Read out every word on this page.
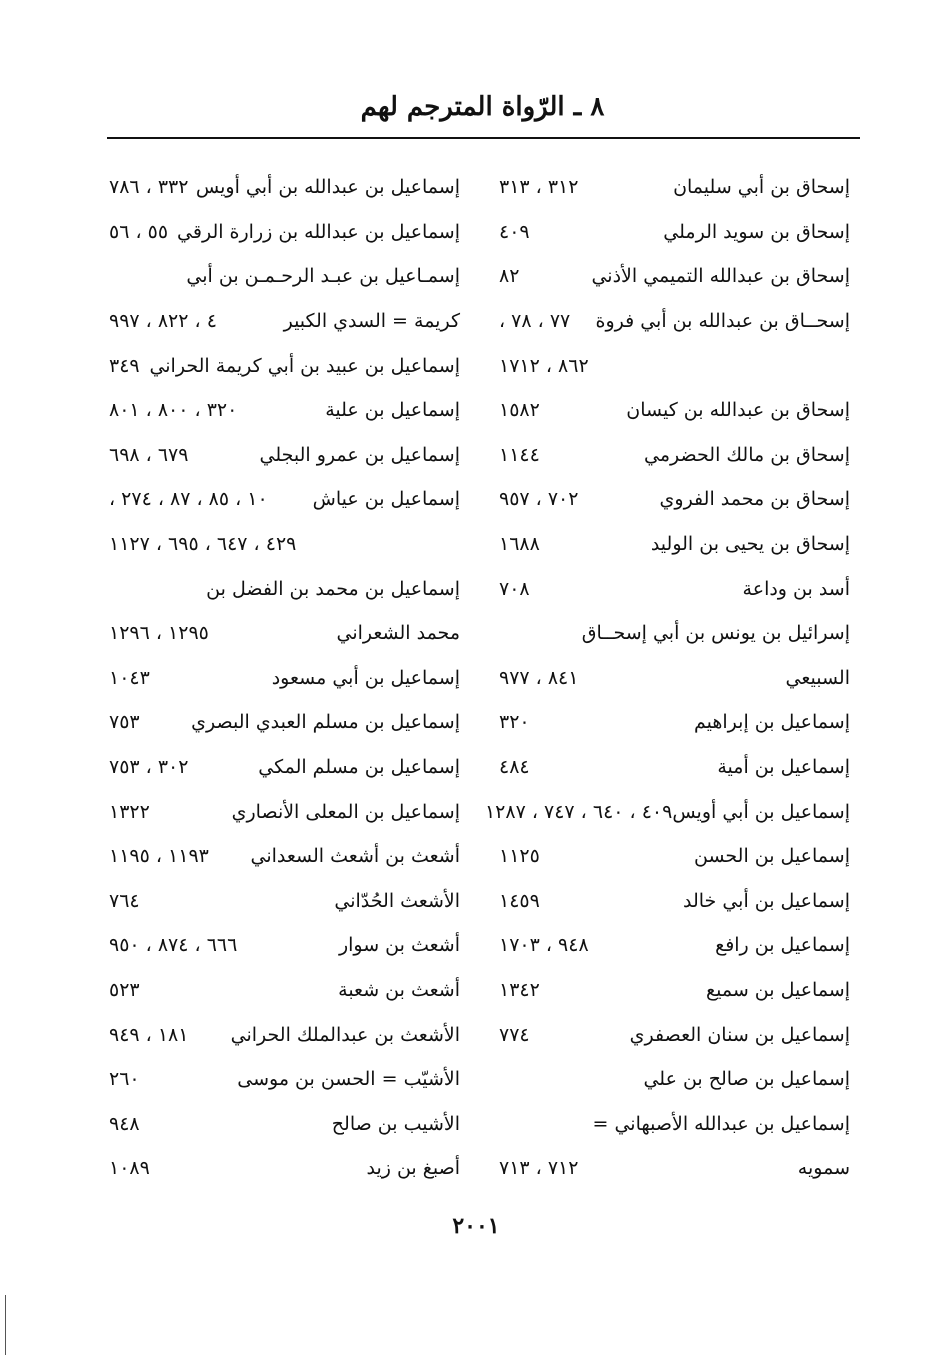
٨ ـ الرّواة المترجم لهم
إسحاق بن أبي سليمان
٣١٢ ، ٣١٣
إسحاق بن سويد الرملي
٤٠٩
إسحاق بن عبدالله التميمي الأذني
٨٢
إسحــاق بن عبدالله بن أبي فروة
٧٧ ، ٧٨ ،
٨٦٢ ، ١٧١٢
إسحاق بن عبدالله بن كيسان
١٥٨٢
إسحاق بن مالك الحضرمي
١١٤٤
إسحاق بن محمد الفروي
٧٠٢ ، ٩٥٧
إسحاق بن يحيى بن الوليد
١٦٨٨
أسد بن وداعة
٧٠٨
إسرائيل بن يونس بن أبي إسحــاق
السبيعي
٨٤١ ، ٩٧٧
إسماعيل بن إبراهيم
٣٢٠
إسماعيل بن أمية
٤٨٤
إسماعيل بن أبي أويس
٤٠٩ ، ٦٤٠ ، ٧٤٧ ، ١٢٨٧
إسماعيل بن الحسن
١١٢٥
إسماعيل بن أبي خالد
١٤٥٩
إسماعيل بن رافع
٩٤٨ ، ١٧٠٣
إسماعيل بن سميع
١٣٤٢
إسماعيل بن سنان العصفري
٧٧٤
إسماعيل بن صالح بن علي
إسماعيل بن عبدالله الأصبهاني =
سمويه
٧١٢ ، ٧١٣
إسماعيل بن عبدالله بن أبي أويس
٣٣٢ ، ٧٨٦
إسماعيل بن عبدالله بن زرارة الرقي
٥٥ ، ٥٦
إسمـاعيل بن عبـد الرحـمـن بن أبي
كريمة = السدي الكبير
٤ ، ٨٢٢ ، ٩٩٧
إسماعيل بن عبيد بن أبي كريمة الحراني
٣٤٩
إسماعيل بن علية
٣٢٠ ، ٨٠٠ ، ٨٠١
إسماعيل بن عمرو البجلي
٦٧٩ ، ٦٩٨
إسماعيل بن عياش
١٠ ، ٨٥ ، ٨٧ ، ٢٧٤ ،
٤٢٩ ، ٦٤٧ ، ٦٩٥ ، ١١٢٧
إسماعيل بن محمد بن الفضل بن
محمد الشعراني
١٢٩٥ ، ١٢٩٦
إسماعيل بن أبي مسعود
١٠٤٣
إسماعيل بن مسلم العبدي البصري
٧٥٣
إسماعيل بن مسلم المكي
٣٠٢ ، ٧٥٣
إسماعيل بن المعلى الأنصاري
١٣٢٢
أشعث بن أشعث السعداني
١١٩٣ ، ١١٩٥
الأشعث الحُدّاني
٧٦٤
أشعث بن سوار
٦٦٦ ، ٨٧٤ ، ٩٥٠
أشعث بن شعبة
٥٢٣
الأشعث بن عبدالملك الحراني
١٨١ ، ٩٤٩
الأشيّب = الحسن بن موسى
٢٦٠
الأشيب بن صالح
٩٤٨
أصبغ بن زيد
١٠٨٩
٢٠٠١
